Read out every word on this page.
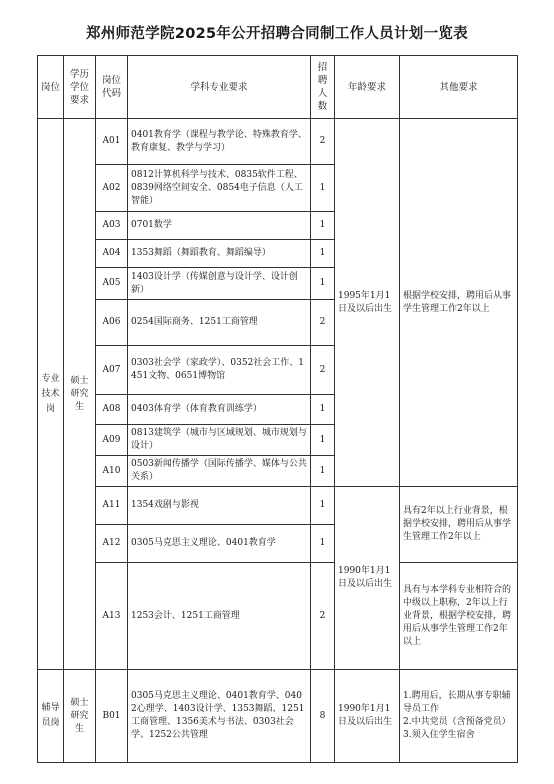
郑州师范学院2025年公开招聘合同制工作人员计划一览表
岗位	学历学位要求	岗位代码	学科专业要求	招聘人数	年龄要求	其他要求
专业技术岗	硕士研究生	A01	0401教育学（课程与教学论、特殊教育学、教育康复、教学与学习）	2	1995年1月1日及以后出生	根据学校安排，聘用后从事学生管理工作2年以上
		A02	0812计算机科学与技术、0835软件工程、0839网络空间安全、0854电子信息（人工智能）	1		
		A03	0701数学	1		
		A04	1353舞蹈（舞蹈教育、舞蹈编导）	1		
		A05	1403设计学（传媒创意与设计学、设计创新）	1		
		A06	0254国际商务、1251工商管理	2		
		A07	0303社会学（家政学）、0352社会工作、1451文物、0651博物馆	2		
		A08	0403体育学（体育教育训练学）	1		
		A09	0813建筑学（城市与区域规划、城市规划与设计）	1		
		A10	0503新闻传播学（国际传播学、媒体与公共关系）	1		
		A11	1354戏剧与影视	1	1990年1月1日及以后出生	具有2年以上行业背景，根据学校安排，聘用后从事学生管理工作2年以上
		A12	0305马克思主义理论、0401教育学	1		
		A13	1253会计、1251工商管理	2		具有与本学科专业相符合的中级以上职称，2年以上行业背景，根据学校安排，聘用后从事学生管理工作2年以上
辅导员岗	硕士研究生	B01	0305马克思主义理论、0401教育学、0402心理学、1403设计学、1353舞蹈、1251工商管理、1356美术与书法、0303社会学、1252公共管理	8	1990年1月1日及以后出生	1.聘用后，长期从事专职辅导员工作
2.中共党员（含预备党员）
3.须入住学生宿舍
